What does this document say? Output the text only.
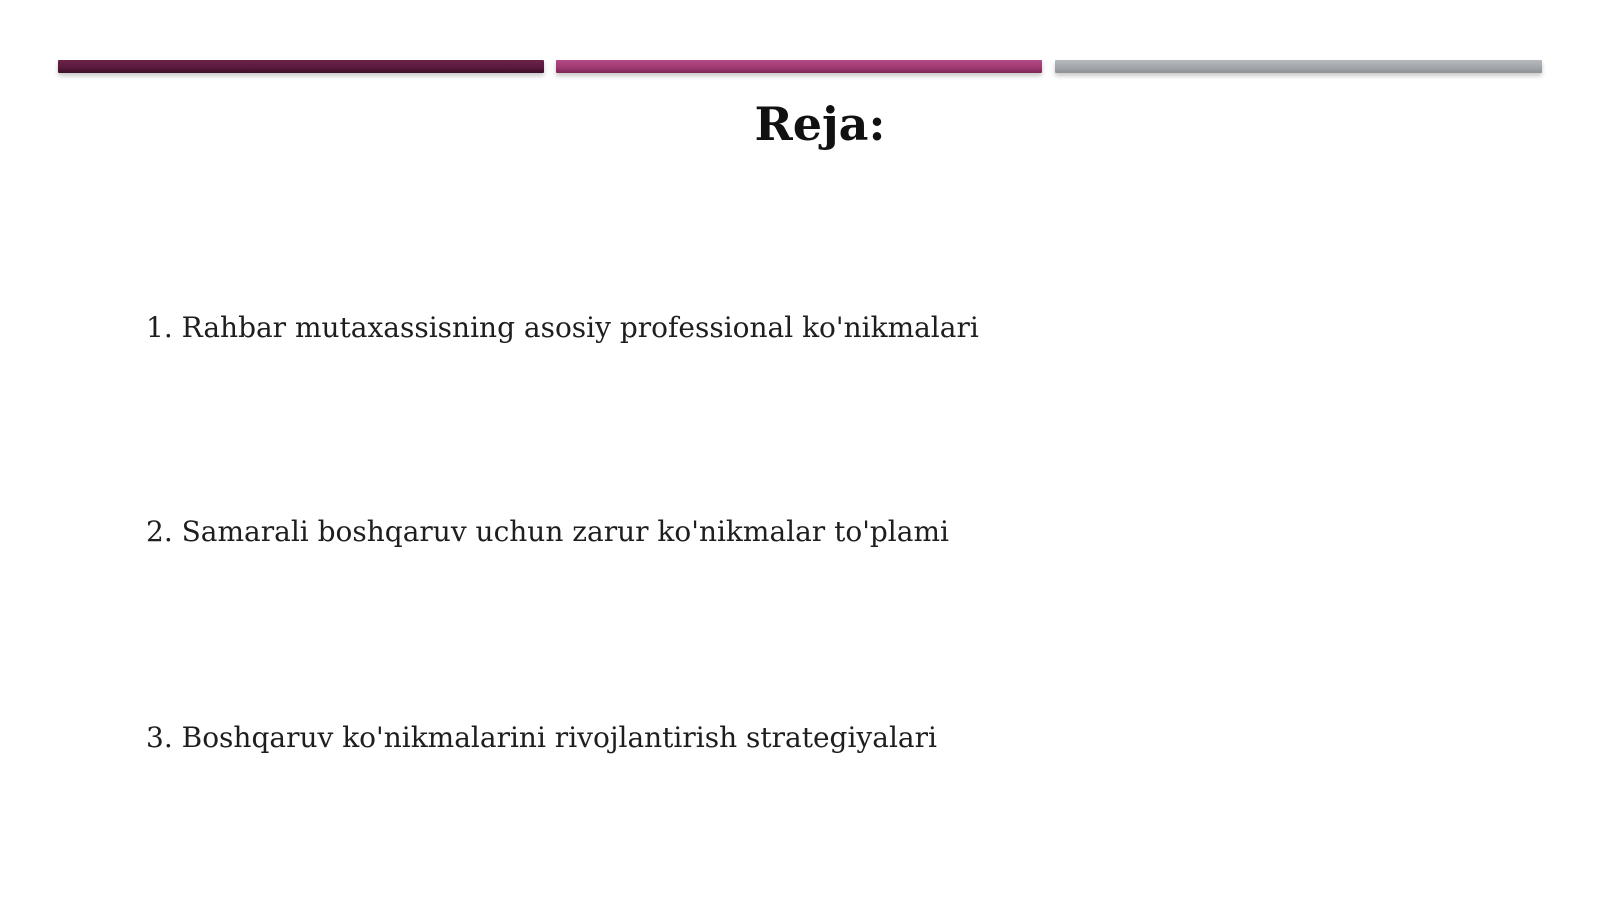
Reja:
1. Rahbar mutaxassisning asosiy professional ko'nikmalari
2. Samarali boshqaruv uchun zarur ko'nikmalar to'plami
3. Boshqaruv ko'nikmalarini rivojlantirish strategiyalari
